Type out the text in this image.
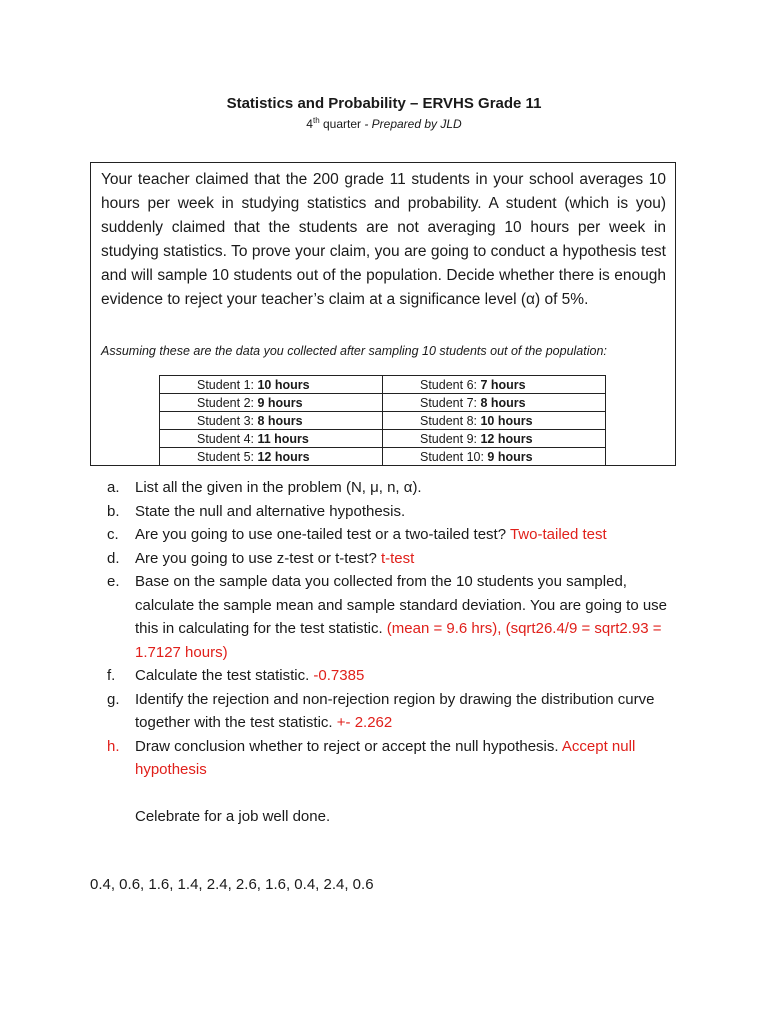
Statistics and Probability – ERVHS Grade 11
4th quarter - Prepared by JLD
Your teacher claimed that the 200 grade 11 students in your school averages 10 hours per week in studying statistics and probability. A student (which is you) suddenly claimed that the students are not averaging 10 hours per week in studying statistics. To prove your claim, you are going to conduct a hypothesis test and will sample 10 students out of the population. Decide whether there is enough evidence to reject your teacher’s claim at a significance level (α) of 5%.
Assuming these are the data you collected after sampling 10 students out of the population:
Student 1: 10 hours	Student 6: 7 hours
Student 2: 9 hours	Student 7: 8 hours
Student 3: 8 hours	Student 8: 10 hours
Student 4: 11 hours	Student 9: 12 hours
Student 5: 12 hours	Student 10: 9 hours
a. List all the given in the problem (N, μ, n, α).
b. State the null and alternative hypothesis.
c. Are you going to use one-tailed test or a two-tailed test? Two-tailed test
d. Are you going to use z-test or t-test? t-test
e. Base on the sample data you collected from the 10 students you sampled, calculate the sample mean and sample standard deviation. You are going to use this in calculating for the test statistic. (mean = 9.6 hrs), (sqrt26.4/9 = sqrt2.93 = 1.7127 hours)
f. Calculate the test statistic. -0.7385
g. Identify the rejection and non-rejection region by drawing the distribution curve together with the test statistic. +- 2.262
h. Draw conclusion whether to reject or accept the null hypothesis. Accept null hypothesis
Celebrate for a job well done.
0.4, 0.6, 1.6, 1.4, 2.4, 2.6, 1.6, 0.4, 2.4, 0.6
